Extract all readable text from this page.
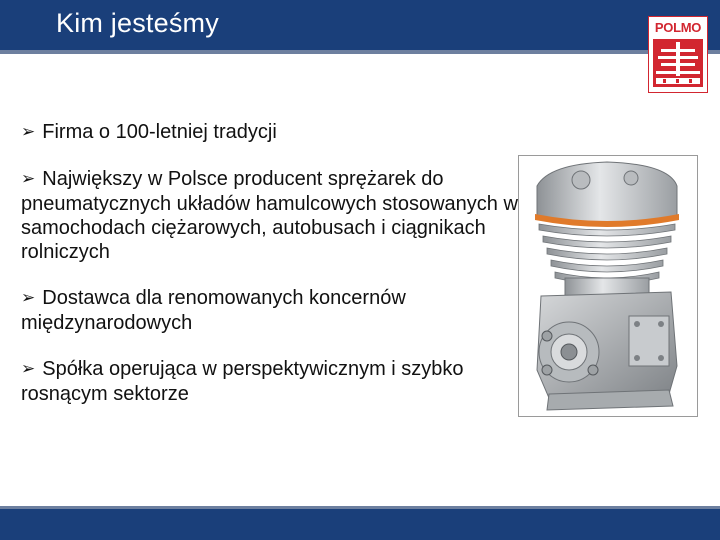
Kim jesteśmy	POLMO
➢ Firma o 100-letniej tradycji
➢ Największy w Polsce producent sprężarek do pneumatycznych układów hamulcowych stosowanych w samochodach ciężarowych, autobusach i ciągnikach rolniczych
➢ Dostawca dla renomowanych koncernów międzynarodowych
➢ Spółka operująca w perspektywicznym i szybko rosnącym sektorze
